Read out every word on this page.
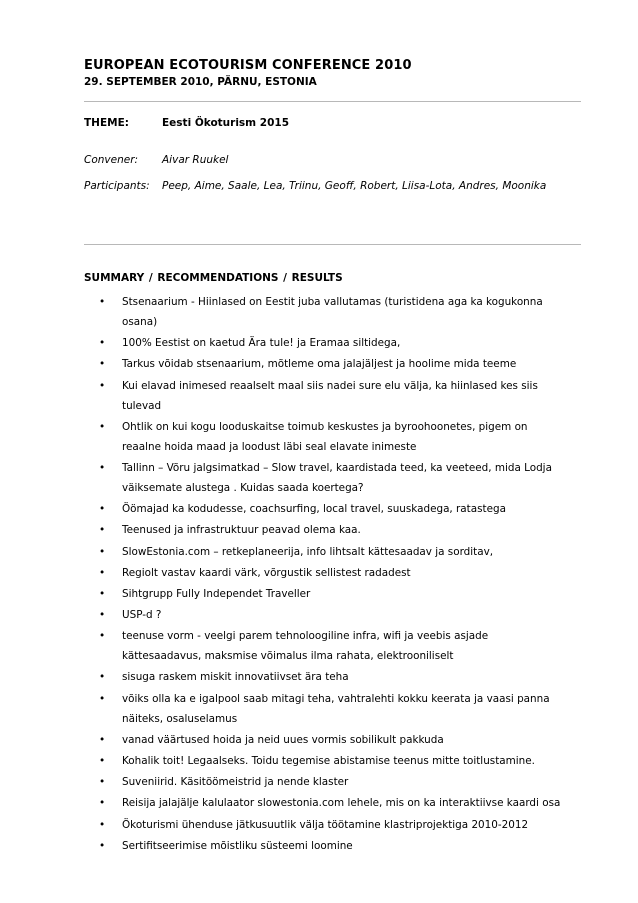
EUROPEAN ECOTOURISM CONFERENCE 2010
29. SEPTEMBER 2010, PÄRNU, ESTONIA
THEME:	Eesti Ökoturism 2015
Convener: Aivar Ruukel
Participants: Peep, Aime, Saale, Lea, Triinu, Geoff, Robert, Liisa-Lota, Andres, Moonika
SUMMARY / RECOMMENDATIONS / RESULTS
• Stsenaarium - Hiinlased on Eestit juba vallutamas (turistidena aga ka kogukonna
osana)
• 100% Eestist on kaetud Ära tule! ja Eramaa siltidega,
• Tarkus võidab stsenaarium, mõtleme oma jalajäljest ja hoolime mida teeme
• Kui elavad inimesed reaalselt maal siis nadei sure elu välja, ka hiinlased kes siis
tulevad
• Ohtlik on kui kogu looduskaitse toimub keskustes ja byroohoonetes, pigem on
reaalne hoida maad ja loodust läbi seal elavate inimeste
• Tallinn – Võru jalgsimatkad – Slow travel, kaardistada teed, ka veeteed, mida Lodja
väiksemate alustega . Kuidas saada koertega?
• Öömajad ka kodudesse, coachsurfing, local travel, suuskadega, ratastega
• Teenused ja infrastruktuur peavad olema kaa.
• SlowEstonia.com – retkeplaneerija, info lihtsalt kättesaadav ja sorditav,
• Regiolt vastav kaardi värk, võrgustik sellistest radadest
• Sihtgrupp Fully Independet Traveller
• USP-d ?
• teenuse vorm - veelgi parem tehnoloogiline infra, wifi ja veebis asjade
kättesaadavus, maksmise võimalus ilma rahata, elektrooniliselt
• sisuga raskem miskit innovatiivset ära teha
• võiks olla ka e igalpool saab mitagi teha, vahtralehti kokku keerata ja vaasi panna
näiteks, osaluselamus
• vanad väärtused hoida ja neid uues vormis sobilikult pakkuda
• Kohalik toit! Legaalseks. Toidu tegemise abistamise teenus mitte toitlustamine.
• Suveniirid. Käsitöömeistrid ja nende klaster
• Reisija jalajälje kalulaator slowestonia.com lehele, mis on ka interaktiivse kaardi osa
• Ökoturismi ühenduse jätkusuutlik välja töötamine klastriprojektiga 2010-2012
• Sertifitseerimise mõistliku süsteemi loomine
